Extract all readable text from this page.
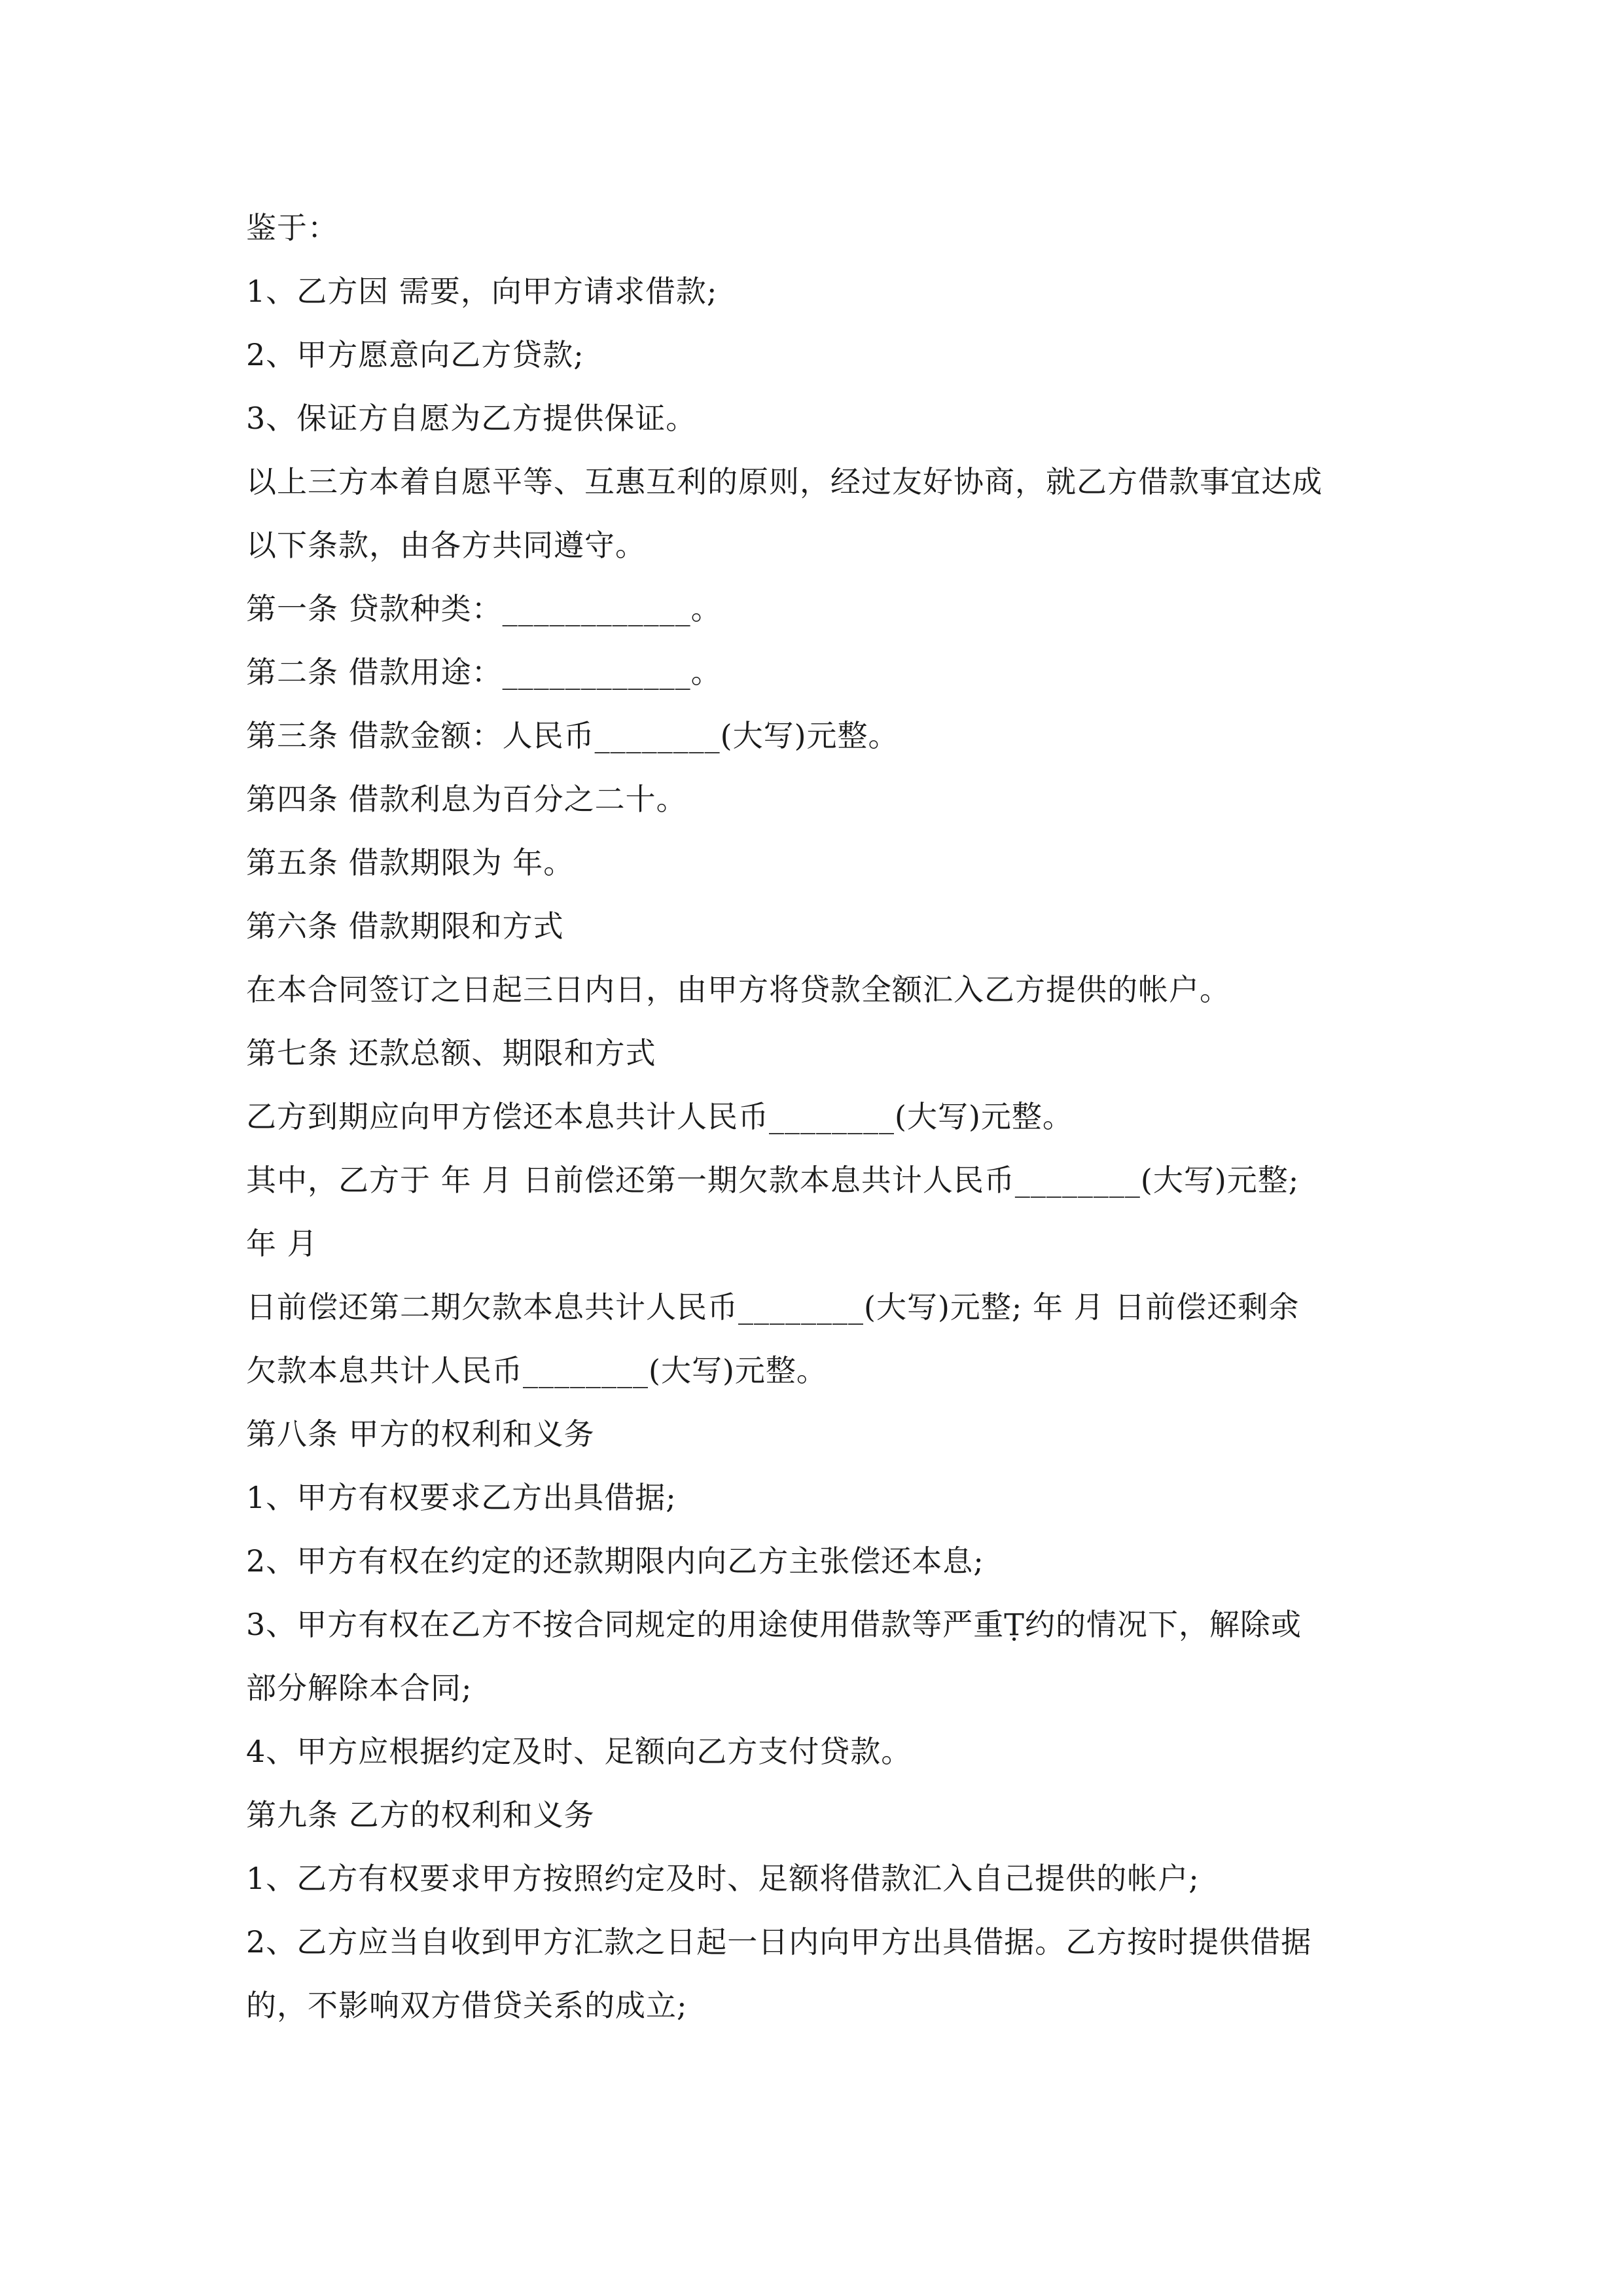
鉴于：
1、乙方因 需要，向甲方请求借款;
2、甲方愿意向乙方贷款;
3、保证方自愿为乙方提供保证。
以上三方本着自愿平等、互惠互利的原则，经过友好协商，就乙方借款事宜达成
以下条款，由各方共同遵守。
第一条 贷款种类：____________。
第二条 借款用途：____________。
第三条 借款金额：人民币________(大写)元整。
第四条 借款利息为百分之二十。
第五条 借款期限为 年。
第六条 借款期限和方式
在本合同签订之日起三日内日，由甲方将贷款全额汇入乙方提供的帐户。
第七条 还款总额、期限和方式
乙方到期应向甲方偿还本息共计人民币________(大写)元整。
其中，乙方于 年 月 日前偿还第一期欠款本息共计人民币________(大写)元整;
年 月
日前偿还第二期欠款本息共计人民币________(大写)元整; 年 月 日前偿还剩余
欠款本息共计人民币________(大写)元整。
第八条 甲方的权利和义务
1、甲方有权要求乙方出具借据;
2、甲方有权在约定的还款期限内向乙方主张偿还本息;
3、甲方有权在乙方不按合同规定的用途使用借款等严重Ṭ约的情况下，解除或
部分解除本合同;
4、甲方应根据约定及时、足额向乙方支付贷款。
第九条 乙方的权利和义务
1、乙方有权要求甲方按照约定及时、足额将借款汇入自己提供的帐户;
2、乙方应当自收到甲方汇款之日起一日内向甲方出具借据。乙方按时提供借据
的，不影响双方借贷关系的成立;
